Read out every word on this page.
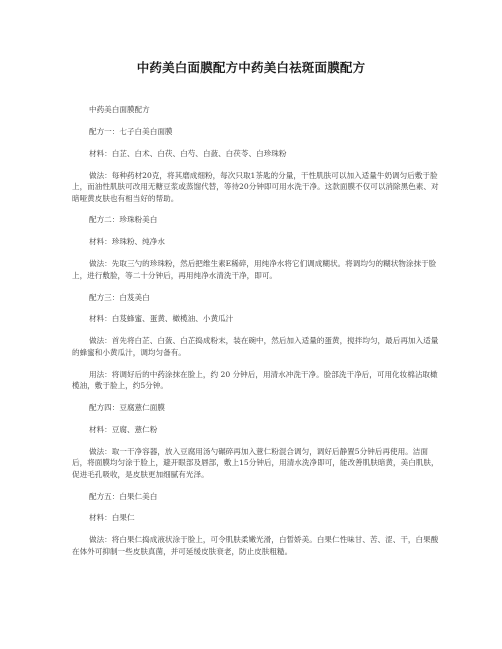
中药美白面膜配方中药美白祛斑面膜配方

中药美白面膜配方

配方一：七子白美白面膜

材料：白芷、白术、白茯、白芍、白蔹、白茯苓、白珍珠粉

做法：每种药材20克，将其磨成细粉，每次只取1茶匙的分量，干性肌肤可以加入适量牛奶调匀后敷于脸上，而油性肌肤可改用无糖豆浆或蒸馏代替，等待20分钟即可用水洗干净。这款面膜不仅可以消除黑色素、对暗哑黄皮肤也有相当好的帮助。

配方二：珍珠粉美白

材料：珍珠粉、纯净水

做法：先取三勺的珍珠粉，然后把维生素E稀碎，用纯净水将它们调成糊状。将调均匀的糊状物涂抹于脸上，进行敷脸，等二十分钟后，再用纯净水清洗干净，即可。

配方三：白芨美白

材料：白芨蜂蜜、蛋黄、橄榄油、小黄瓜汁

做法：首先将白芷、白蔹、白芷捣成粉末，装在碗中，然后加入适量的蛋黄，搅拌均匀，最后再加入适量的蜂蜜和小黄瓜汁，调均匀备有。

用法：将调好后的中药涂抹在脸上，约 20 分钟后，用清水冲洗干净。脸部洗干净后，可用化妆棉沾取橄榄油，敷于脸上，约5分钟。

配方四：豆腐薏仁面膜

材料：豆腐、薏仁粉

做法：取一干净容器，放入豆腐用汤勺碾碎再加入薏仁粉混合调匀，调好后静置5分钟后再使用。洁面后，将面膜均匀涂于脸上，避开眼部及唇部，敷上15分钟后，用清水洗净即可，能改善肌肤暗黄，美白肌肤，促进毛孔吸收，是皮肤更加细腻有光泽。

配方五：白果仁美白

材料：白果仁

做法：将白果仁捣成液状涂于脸上，可令肌肤柔嫩光滑，白皙娇美。白果仁性味甘、苦、涩、干，白果酸在体外可抑制一些皮肤真菌，并可延缓皮肤衰老，防止皮肤粗糙。
